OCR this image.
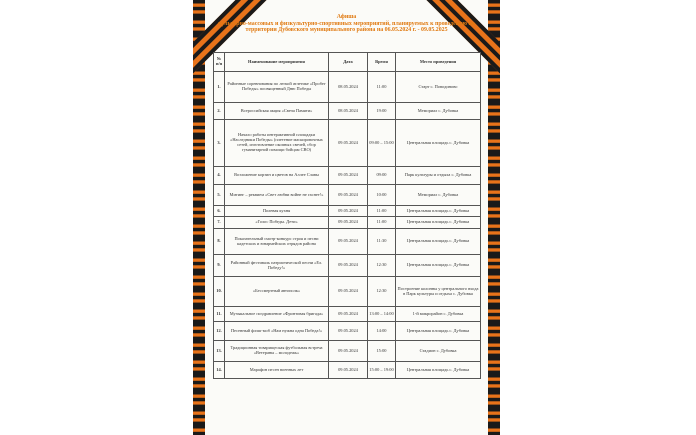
Афиша
культурно-массовых и физкультурно-спортивных мероприятий, планируемых к проведению на территории Дубовского муниципального района на 06.05.2024 г. - 09.05.2025
№ п/п	Наименование мероприятия	Дата	Время	Место проведения
1.	Районные соревнования по легкой атлетике «Пробег Победы» посвященный Дню Победы	08.05.2024	11:00	Старт с. Поводиново
2.	Всероссийская акция «Свеча Памяти»	08.05.2024	19:00	Мемориал с. Дубовка
3.	Начало работы интерактивной площадки «Наследники Победы» (плетение маскировочных сетей, изготовление окопных свечей, сбор гуманитарной помощи бойцам СВО)	09.05.2024	09:00 – 15:00	Центральная площадь с. Дубовка
4.	Возложение корзин и цветов на Аллее Славы	09.05.2024	09:00	Парк культуры и отдыха с. Дубовка
5.	Митинг – реквием «Свет любви войне не гаснет!»	09.05.2024	10:00	Мемориал с. Дубовка
6.	Полевая кухня	09.05.2024	11:00	Центральная площадь с. Дубовка
7.	«Голос Победы. Дети»	09.05.2024	11:00	Центральная площадь с. Дубовка
8.	Показательный смотр-конкурс строя и песни кадетских и юнармейских отрядов района	09.05.2024	11:30	Центральная площадь с. Дубовка
9.	Районный фестиваль патриотической песни «Ел. Победу!»	09.05.2024	12:30	Центральная площадь с. Дубовка
10.	«Бессмертный автополк»	09.05.2024	12:30	Построение колонны у центрального входа в Парк культуры и отдыха с. Дубовка
11.	Музыкальное поздравление «Фронтовая бригада»	09.05.2024	13:00 – 14:00	1-й микрорайон с. Дубовка
12.	Песенный флэш-моб «Нам нужна одна Победа!»	09.05.2024	14:00	Центральная площадь с. Дубовка
13.	Традиционная товарищеская футбольная встреча «Ветераны – молодежь»	09.05.2024	15:00	Стадион с. Дубовка
14.	Марафон песен военных лет	09.05.2024	15:00 – 19:00	Центральная площадь с. Дубовка
